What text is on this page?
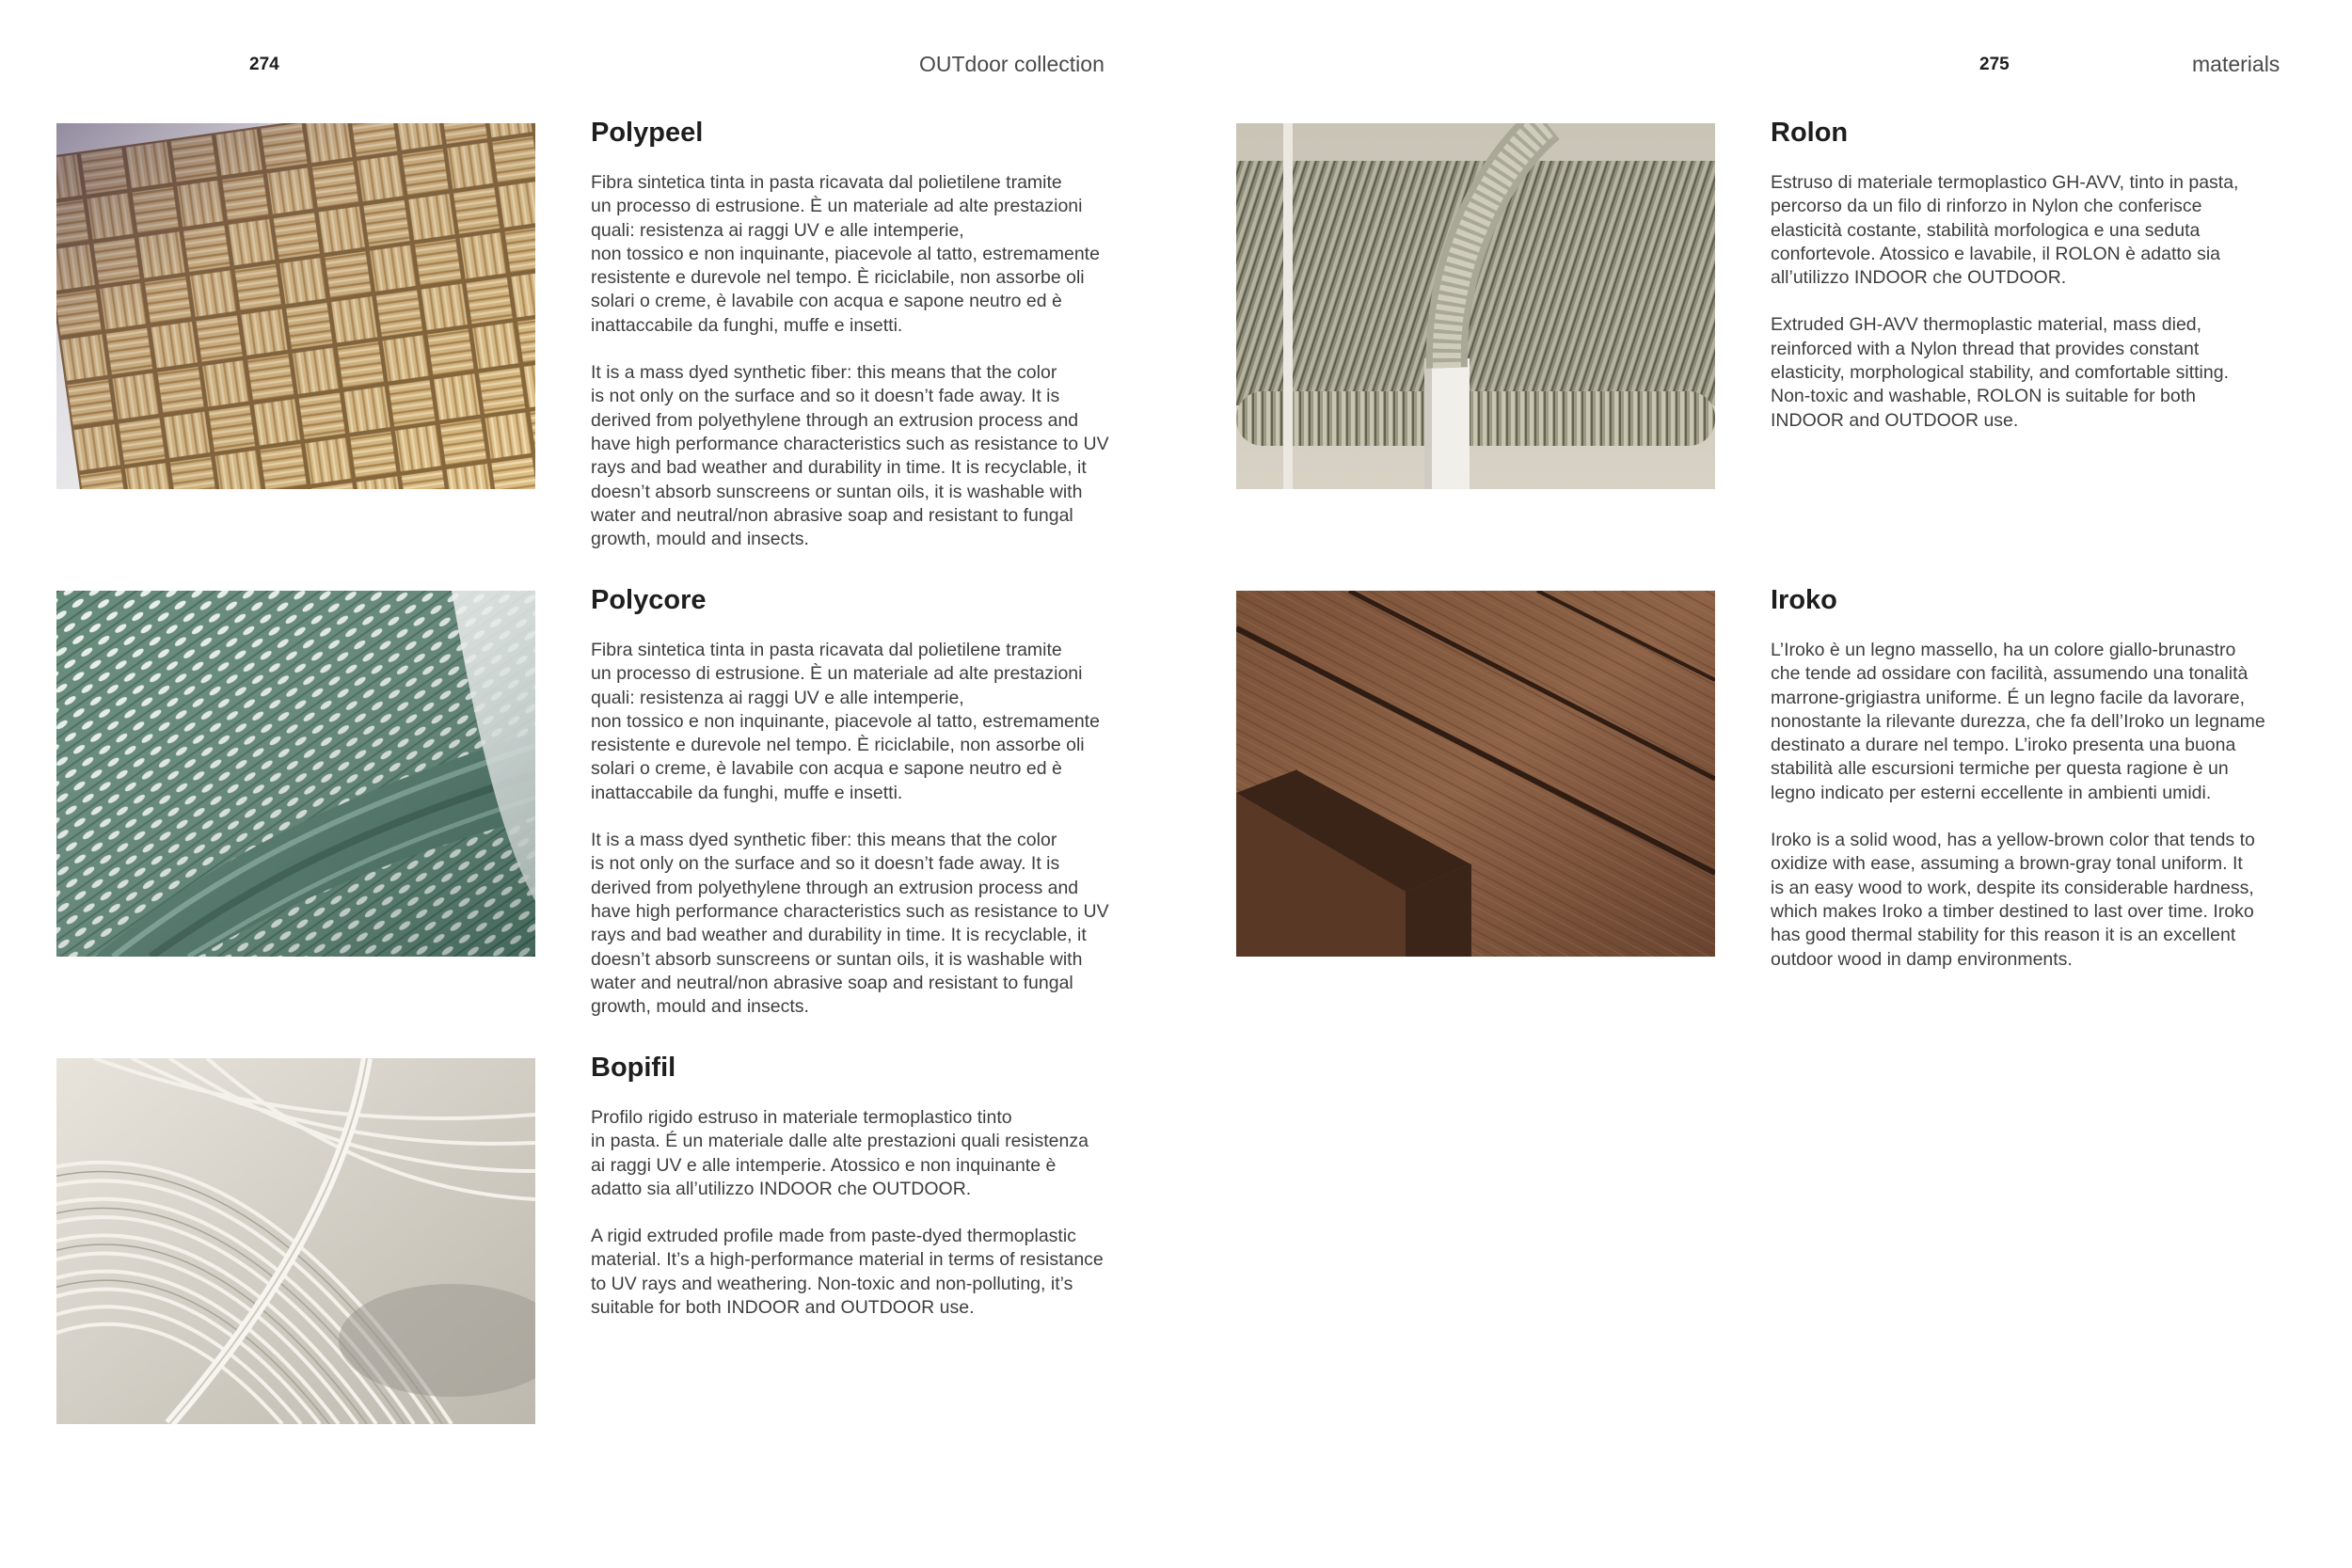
274	OUTdoor collection	275	materials
Polypeel

Fibra sintetica tinta in pasta ricavata dal polietilene tramite
un processo di estrusione. È un materiale ad alte prestazioni
quali: resistenza ai raggi UV e alle intemperie,
non tossico e non inquinante, piacevole al tatto, estremamente
resistente e durevole nel tempo. È riciclabile, non assorbe oli
solari o creme, è lavabile con acqua e sapone neutro ed è
inattaccabile da funghi, muffe e insetti.

It is a mass dyed synthetic fiber: this means that the color
is not only on the surface and so it doesn’t fade away. It is
derived from polyethylene through an extrusion process and
have high performance characteristics such as resistance to UV
rays and bad weather and durability in time. It is recyclable, it
doesn’t absorb sunscreens or suntan oils, it is washable with
water and neutral/non abrasive soap and resistant to fungal
growth, mould and insects.

Polycore

Fibra sintetica tinta in pasta ricavata dal polietilene tramite
un processo di estrusione. È un materiale ad alte prestazioni
quali: resistenza ai raggi UV e alle intemperie,
non tossico e non inquinante, piacevole al tatto, estremamente
resistente e durevole nel tempo. È riciclabile, non assorbe oli
solari o creme, è lavabile con acqua e sapone neutro ed è
inattaccabile da funghi, muffe e insetti.

It is a mass dyed synthetic fiber: this means that the color
is not only on the surface and so it doesn’t fade away. It is
derived from polyethylene through an extrusion process and
have high performance characteristics such as resistance to UV
rays and bad weather and durability in time. It is recyclable, it
doesn’t absorb sunscreens or suntan oils, it is washable with
water and neutral/non abrasive soap and resistant to fungal
growth, mould and insects.

Bopifil

Profilo rigido estruso in materiale termoplastico tinto
in pasta. É un materiale dalle alte prestazioni quali resistenza
ai raggi UV e alle intemperie. Atossico e non inquinante è
adatto sia all’utilizzo INDOOR che OUTDOOR.

A rigid extruded profile made from paste-dyed thermoplastic
material. It’s a high-performance material in terms of resistance
to UV rays and weathering. Non-toxic and non-polluting, it’s
suitable for both INDOOR and OUTDOOR use.

Rolon

Estruso di materiale termoplastico GH-AVV, tinto in pasta,
percorso da un filo di rinforzo in Nylon che conferisce
elasticità costante, stabilità morfologica e una seduta
confortevole. Atossico e lavabile, il ROLON è adatto sia
all’utilizzo INDOOR che OUTDOOR.

Extruded GH-AVV thermoplastic material, mass died,
reinforced with a Nylon thread that provides constant
elasticity, morphological stability, and comfortable sitting.
Non-toxic and washable, ROLON is suitable for both
INDOOR and OUTDOOR use.

Iroko

L’Iroko è un legno massello, ha un colore giallo-brunastro
che tende ad ossidare con facilità, assumendo una tonalità
marrone-grigiastra uniforme. É un legno facile da lavorare,
nonostante la rilevante durezza, che fa dell’Iroko un legname
destinato a durare nel tempo. L’iroko presenta una buona
stabilità alle escursioni termiche per questa ragione è un
legno indicato per esterni eccellente in ambienti umidi.

Iroko is a solid wood, has a yellow-brown color that tends to
oxidize with ease, assuming a brown-gray tonal uniform. It
is an easy wood to work, despite its considerable hardness,
which makes Iroko a timber destined to last over time. Iroko
has good thermal stability for this reason it is an excellent
outdoor wood in damp environments.
